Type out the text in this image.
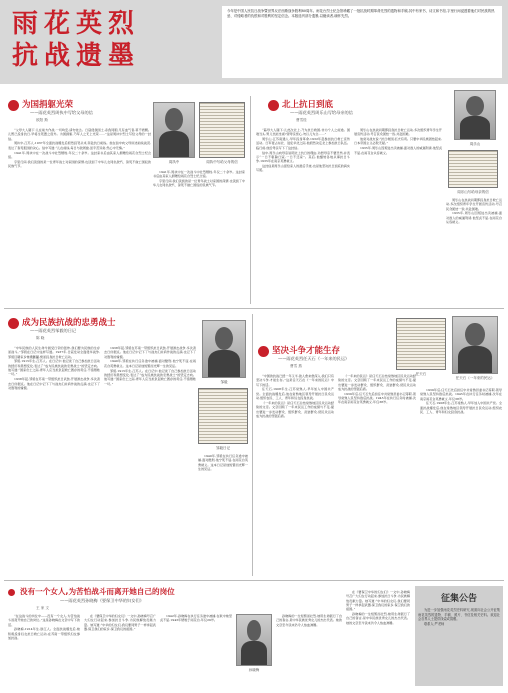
雨花英烈
抗战遗墨
今年是中国人民抗日战争暨世界反法西斯战争胜利80周年。雨花台烈士纪念馆珍藏了一批抗战时期革命先烈的遗物和手稿,其中有家书、诗文和书信,字里行间浸透着他们对民族的热爱、对侵略者的仇恨和对胜利的坚定信念。本版选刊部分遗墨,以飨读者,缅怀先烈。
为国捐躯光荣
——雨花英烈周执中写给父母的信
欧阳 斯
周执中	周执中写给父母的信

“父母大人膝下:儿在前方作战,一切均安,请勿挂念。日寇侵我国土,杀我同胞,凡有血气者,莫不愤慨。儿既已投身抗日,早将生死置之度外。为国捐躯,乃军人之无上光荣……”这是周执中烈士写给父母的一封信。

周执中,江苏人,1937年全面抗战爆发后毅然投笔从戎,奔赴抗日前线。他在信中向父母讲述前线战况,表达了誓死报国的决心。信中写道:“儿在前线,每日与敌周旋,虽辛苦异常,然心中无愧。”

1941年,周执中在一次战斗中壮烈牺牲,年仅二十余岁。这封家书后由其家人捐赠给雨花台烈士纪念馆。

字里行间,我们读到的是一位青年战士对家国的深情,也读到了中华儿女同仇敌忾、誓死不做亡国奴的民族气节。

1941年,周执中在一次战斗中壮烈牺牲,年仅二十余岁。这封家书后由其家人捐赠给雨花台烈士纪念馆。

字里行间,我们读到的是一位青年战士对家国的深情,也读到了中华儿女同仇敌忾、誓死不做亡国奴的民族气节。

北上抗日到底
——雨花英烈周乐山写给母亲的信
曹雪桂
周乐山
周乐山写给母亲的信

“慈母大人膝下:儿此次北上,乃为抗日救国,非为个人之前途。国难当头,男儿岂能坐视?望母亲宽心,勿以儿为念……”

周乐山,江苏南通人,早年投身革命,1932年起参加抗日救亡宣传活动。日军侵占东北、进犯华北之际,他毅然决定北上参加抗日队伍。临行前,他给母亲写下了这封信。

信中,周乐山向母亲说明北上抗日的理由,劝慰母亲不要悲伤,并表示“一日不驱除日寇,一日不还家”。其后,他辗转各地从事抗日斗争,1935年在南京英勇就义。

这封信是周乐山留给家人的最后手迹,也是他坚决抗日到底的真实写照。

周乐山在抗战初期即投身抗日救亡运动,多次组织青年学生开展宣传活动,号召民众团结一致,共赴国难。

他常对战友说:“抗日救国,匹夫有责。只要中华民族团结起来,日本帝国主义必败无疑。”

1935年,周乐山因叛徒出卖被捕,面对敌人的威逼利诱,他坚贞不屈,在雨花台从容就义。

周乐山在抗战初期即投身抗日救亡运动,多次组织青年学生开展宣传活动,号召民众团结一致,共赴国难。

1935年,周乐山因叛徒出卖被捕,面对敌人的威逼利诱,他坚贞不屈,在雨花台从容就义。

成为民族抗战的忠勇战士
——雨花英烈邹毅的日记
陈 晓
邹毅
邹毅日记

“中华民族的人民生命今晨受日帝的轰炸,我们要为民族的生存而战斗。”邹毅在日记中这样写道。1937年,日寇发动全面侵华战争,邹毅目睹家乡惨遭蹂躏,愤而投身抗日救亡运动。

邹毅,1915年生,江苏人。在日记中,他记录了自己参加抗日活动的经历和思想变化,表达了“成为民族抗战的忠勇战士”的坚定志向。他写道:“国家危亡之际,青年人应当担负起救亡图存的责任,不惜牺牲一切。”

1938年起,邹毅在苏南一带组织抗日武装,开展游击战争,多次袭击日伪据点。他在日记中记下了与战友们并肩作战的点滴,也记下了对胜利的憧憬。

1938年起,邹毅在苏南一带组织抗日武装,开展游击战争,多次袭击日伪据点。他在日记中记下了与战友们并肩作战的点滴,也记下了对胜利的憧憬。

1940年,邹毅在执行任务途中被捕,面对酷刑,他宁死不屈,在雨花台英勇就义。这本日记是他短暂而光辉一生的见证。

邹毅,1915年生,江苏人。在日记中,他记录了自己参加抗日活动的经历和思想变化,表达了“成为民族抗战的忠勇战士”的坚定志向。他写道:“国家危亡之际,青年人应当担负起救亡图存的责任,不惜牺牲一切。”

1940年,邹毅在执行任务途中被捕,面对酷刑,他宁死不屈,在雨花台英勇就义。这本日记是他短暂而光辉一生的见证。

坚决斗争才能生存
——雨花英烈任天石《一年来的民运》
曹雪 燕
任天石
任天石《一年来的民运》

“中国的抗战已经一年又半,敌人愈来愈深入,我们只有坚决斗争,才能生存。”这是任天石在《一年来的民运》中写下的话。

任天石,1908年生,江苏常熟人,早年加入中国共产党。全面抗战爆发后,他在常熟地区领导开展抗日民众运动,组织农民、工人、青年和妇女投身抗战。

《一年来的民运》是任天石总结常熟地区民众运动经验的文章。文章回顾了一年来民运工作的成绩与不足,提出要进一步发动群众、组织群众、武装群众,使民众运动成为抗战的坚强后盾。

《一年来的民运》是任天石总结常熟地区民众运动经验的文章。文章回顾了一年来民运工作的成绩与不足,提出要进一步发动群众、组织群众、武装群众,使民众运动成为抗战的坚强后盾。

1939年后,任天石先后担任中共常熟县委书记等职,领导常熟人民坚持敌后抗战。1945年在执行任务时被捕,次年在南京雨花台英勇就义,年仅38岁。

1939年后,任天石先后担任中共常熟县委书记等职,领导常熟人民坚持敌后抗战。1945年在执行任务时被捕,次年在南京雨花台英勇就义,年仅38岁。

任天石,1908年生,江苏常熟人,早年加入中国共产党。全面抗战爆发后,他在常熟地区领导开展抗日民众运动,组织农民、工人、青年和妇女投身抗战。

没有一个女人,为苦怕战斗而离开她自己的岗位
——雨花英烈孙晓梅《要保卫中华的妇女们》
王 家 文
孙晓梅

“在这战斗的岗位中——没有一个女人,为苦怕战斗而离开她自己的岗位。”这是孙晓梅在文章中写下的话。

孙晓梅,1914年生,浙江人。全面抗战爆发后,她积极投身妇女抗日救亡运动,在苏南一带组织妇女参加抗战。

在《要保卫中华的妇女们》一文中,孙晓梅号召广大妇女行动起来,参加抗日斗争,为民族解放贡献力量。她写道:“中华的妇女们,我们要同男子一样拿起武器,保卫我们的家乡,保卫我们的祖国。”

1942年,孙晓梅在执行任务途中被捕,在狱中她坚贞不屈,1943年牺牲于雨花台,年仅29岁。

孙晓梅的一生短暂而壮烈,她用生命践行了自己的誓言,是中华民族优秀女儿的杰出代表。她的文章至今读来仍令人热血沸腾。

在《要保卫中华的妇女们》一文中,孙晓梅号召广大妇女行动起来,参加抗日斗争,为民族解放贡献力量。她写道:“中华的妇女们,我们要同男子一样拿起武器,保卫我们的家乡,保卫我们的祖国。”

孙晓梅的一生短暂而壮烈,她用生命践行了自己的誓言,是中华民族优秀女儿的杰出代表。她的文章至今读来仍令人热血沸腾。

征集公告

为进一步加强雨花英烈史料研究,现面向社会公开征集雨花英烈的遗物、手稿、照片、书信及相关史料。欢迎社会各界人士提供线索或捐赠。

联系人:严老师
